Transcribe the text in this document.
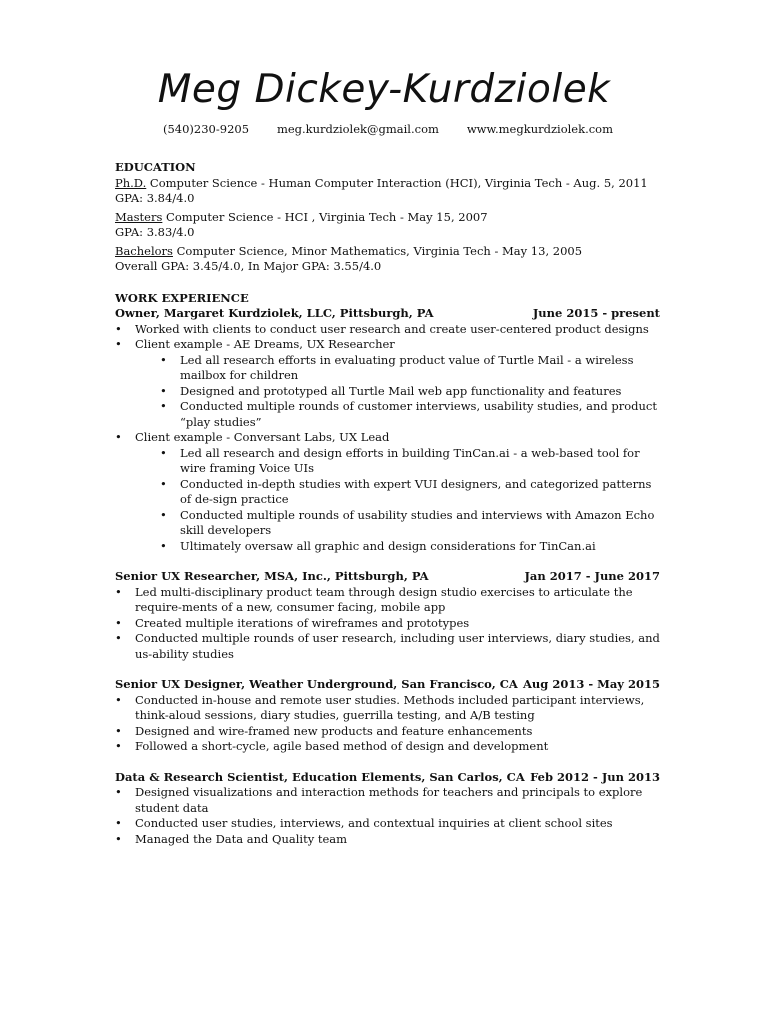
Meg Dickey-Kurdziolek
(540)230-9205 meg.kurdziolek@gmail.com www.megkurdziolek.com
EDUCATION
Ph.D. Computer Science - Human Computer Interaction (HCI), Virginia Tech - Aug. 5, 2011
GPA: 3.84/4.0
Masters Computer Science - HCI , Virginia Tech - May 15, 2007
GPA: 3.83/4.0
Bachelors Computer Science, Minor Mathematics, Virginia Tech - May 13, 2005
Overall GPA: 3.45/4.0, In Major GPA: 3.55/4.0
WORK EXPERIENCE
Owner, Margaret Kurdziolek, LLC, Pittsburgh, PA	June 2015 - present
•	Worked with clients to conduct user research and create user-centered product designs
•	Client example - AE Dreams, UX Researcher
•	Led all research efforts in evaluating product value of Turtle Mail - a wireless mailbox for children
•	Designed and prototyped all Turtle Mail web app functionality and features
•	Conducted multiple rounds of customer interviews, usability studies, and product “play studies”
•	Client example - Conversant Labs, UX Lead
•	Led all research and design efforts in building TinCan.ai - a web-based tool for wire framing Voice UIs
•	Conducted in-depth studies with expert VUI designers, and categorized patterns of de-sign practice
•	Conducted multiple rounds of usability studies and interviews with Amazon Echo skill developers
•	Ultimately oversaw all graphic and design considerations for TinCan.ai
Senior UX Researcher, MSA, Inc., Pittsburgh, PA	Jan 2017 - June 2017
•	Led multi-disciplinary product team through design studio exercises to articulate the require-ments of a new, consumer facing, mobile app
•	Created multiple iterations of wireframes and prototypes
•	Conducted multiple rounds of user research, including user interviews, diary studies, and us-ability studies
Senior UX Designer, Weather Underground, San Francisco, CA Aug 2013 - May 2015
•	Conducted in-house and remote user studies. Methods included participant interviews, think-aloud sessions, diary studies, guerrilla testing, and A/B testing
•	Designed and wire-framed new products and feature enhancements
•	Followed a short-cycle, agile based method of design and development
Data & Research Scientist, Education Elements, San Carlos, CA Feb 2012 - Jun 2013
•	Designed visualizations and interaction methods for teachers and principals to explore student data
•	Conducted user studies, interviews, and contextual inquiries at client school sites
•	Managed the Data and Quality team
